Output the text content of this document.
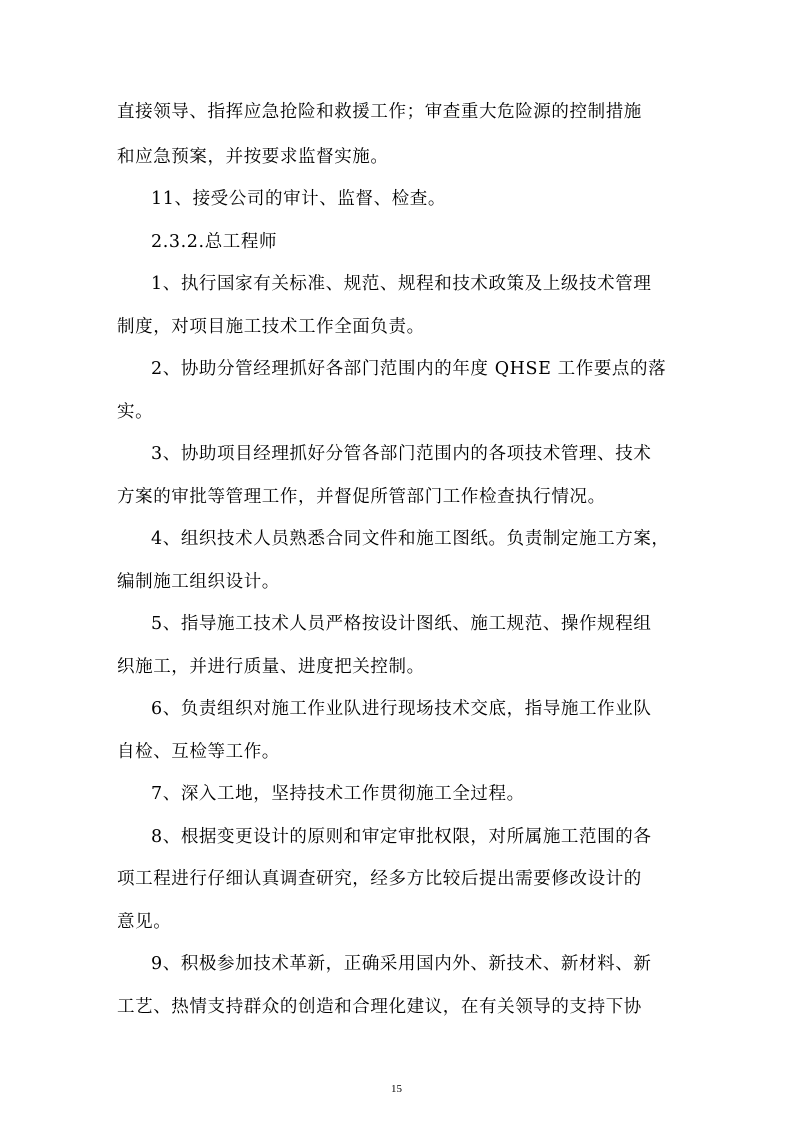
直接领导、指挥应急抢险和救援工作；审查重大危险源的控制措施
和应急预案，并按要求监督实施。
11、接受公司的审计、监督、检查。
2.3.2.总工程师
1、执行国家有关标准、规范、规程和技术政策及上级技术管理
制度，对项目施工技术工作全面负责。
2、协助分管经理抓好各部门范围内的年度 QHSE 工作要点的落
实。
3、协助项目经理抓好分管各部门范围内的各项技术管理、技术
方案的审批等管理工作，并督促所管部门工作检查执行情况。
4、组织技术人员熟悉合同文件和施工图纸。负责制定施工方案，
编制施工组织设计。
5、指导施工技术人员严格按设计图纸、施工规范、操作规程组
织施工，并进行质量、进度把关控制。
6、负责组织对施工作业队进行现场技术交底，指导施工作业队
自检、互检等工作。
7、深入工地，坚持技术工作贯彻施工全过程。
8、根据变更设计的原则和审定审批权限，对所属施工范围的各
项工程进行仔细认真调查研究，经多方比较后提出需要修改设计的
意见。
9、积极参加技术革新，正确采用国内外、新技术、新材料、新
工艺、热情支持群众的创造和合理化建议，在有关领导的支持下协
15
